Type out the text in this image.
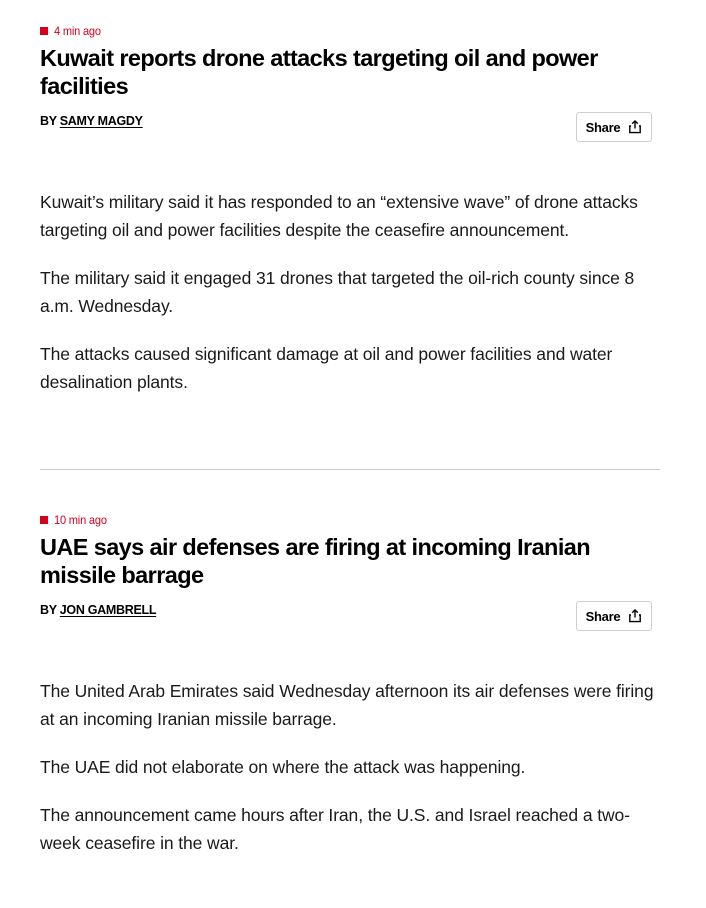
4 min ago
Kuwait reports drone attacks targeting oil and power facilities
BY SAMY MAGDY	Share

Kuwait’s military said it has responded to an “extensive wave” of drone attacks targeting oil and power facilities despite the ceasefire announcement.

The military said it engaged 31 drones that targeted the oil-rich county since 8 a.m. Wednesday.

The attacks caused significant damage at oil and power facilities and water desalination plants.

10 min ago
UAE says air defenses are firing at incoming Iranian missile barrage
BY JON GAMBRELL	Share

The United Arab Emirates said Wednesday afternoon its air defenses were firing at an incoming Iranian missile barrage.

The UAE did not elaborate on where the attack was happening.

The announcement came hours after Iran, the U.S. and Israel reached a two-week ceasefire in the war.
